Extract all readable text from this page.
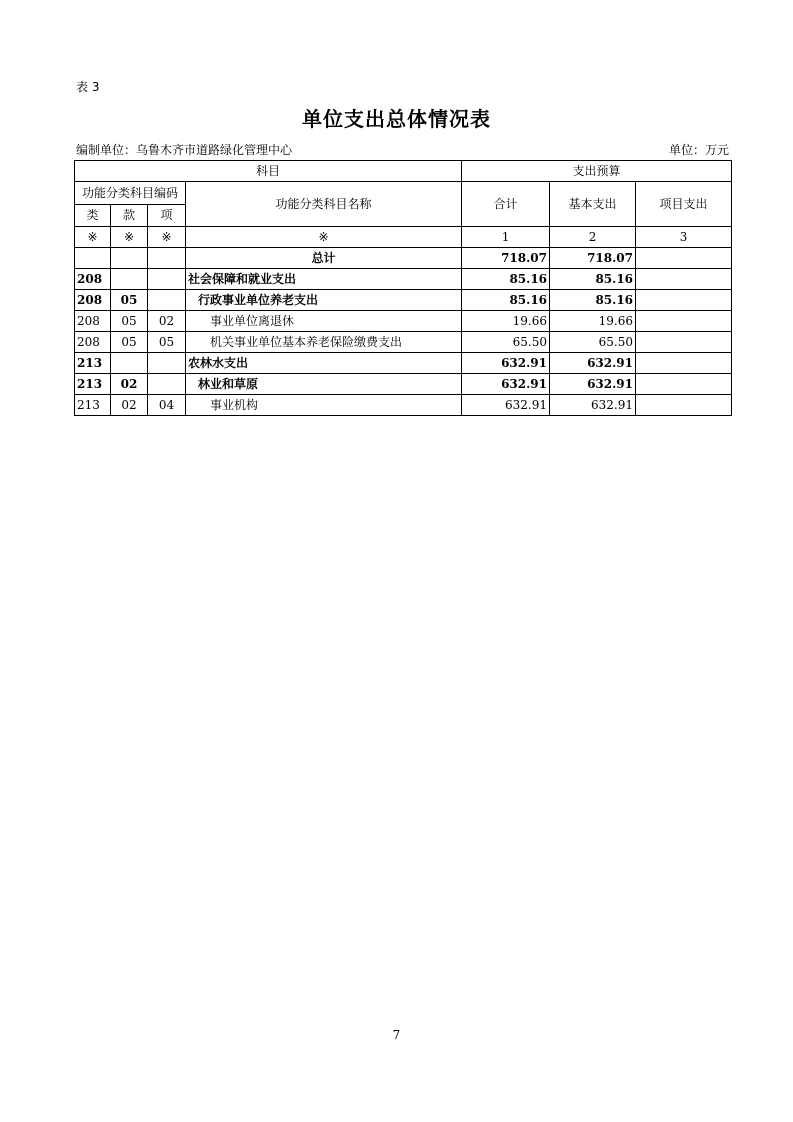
表 3
单位支出总体情况表
编制单位：乌鲁木齐市道路绿化管理中心	单位：万元
科目				支出预算		
功能分类科目编码			功能分类科目名称	合计	基本支出	项目支出
类	款	项				
※	※	※	※	1	2	3
			总计	718.07	718.07	
208			社会保障和就业支出	85.16	85.16	
208	05		行政事业单位养老支出	85.16	85.16	
208	05	02	事业单位离退休	19.66	19.66	
208	05	05	机关事业单位基本养老保险缴费支出	65.50	65.50	
213			农林水支出	632.91	632.91	
213	02		林业和草原	632.91	632.91	
213	02	04	事业机构	632.91	632.91	
7
